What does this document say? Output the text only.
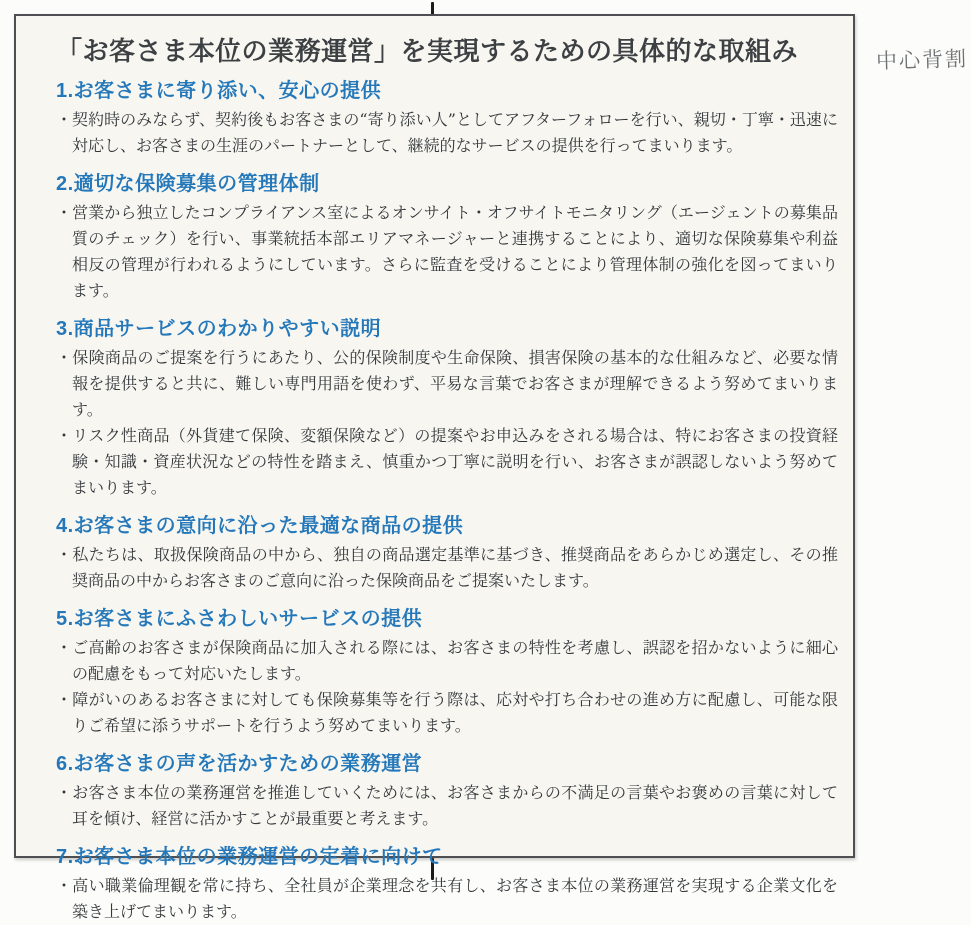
中心背割
「お客さま本位の業務運営」を実現するための具体的な取組み
1.お客さまに寄り添い、安心の提供

・契約時のみならず、契約後もお客さまの“寄り添い人”としてアフターフォローを行い、親切・丁寧・迅速に対応し、お客さまの生涯のパートナーとして、継続的なサービスの提供を行ってまいります。

2.適切な保険募集の管理体制

・営業から独立したコンプライアンス室によるオンサイト・オフサイトモニタリング（エージェントの募集品質のチェック）を行い、事業統括本部エリアマネージャーと連携することにより、適切な保険募集や利益相反の管理が行われるようにしています。さらに監査を受けることにより管理体制の強化を図ってまいります。

3.商品サービスのわかりやすい説明

・保険商品のご提案を行うにあたり、公的保険制度や生命保険、損害保険の基本的な仕組みなど、必要な情報を提供すると共に、難しい専門用語を使わず、平易な言葉でお客さまが理解できるよう努めてまいります。

・リスク性商品（外貨建て保険、変額保険など）の提案やお申込みをされる場合は、特にお客さまの投資経験・知識・資産状況などの特性を踏まえ、慎重かつ丁寧に説明を行い、お客さまが誤認しないよう努めてまいります。

4.お客さまの意向に沿った最適な商品の提供

・私たちは、取扱保険商品の中から、独自の商品選定基準に基づき、推奨商品をあらかじめ選定し、その推奨商品の中からお客さまのご意向に沿った保険商品をご提案いたします。

5.お客さまにふさわしいサービスの提供

・ご高齢のお客さまが保険商品に加入される際には、お客さまの特性を考慮し、誤認を招かないように細心の配慮をもって対応いたします。

・障がいのあるお客さまに対しても保険募集等を行う際は、応対や打ち合わせの進め方に配慮し、可能な限りご希望に添うサポートを行うよう努めてまいります。

6.お客さまの声を活かすための業務運営

・お客さま本位の業務運営を推進していくためには、お客さまからの不満足の言葉やお褒めの言葉に対して耳を傾け、経営に活かすことが最重要と考えます。

7.お客さま本位の業務運営の定着に向けて

・高い職業倫理観を常に持ち、全社員が企業理念を共有し、お客さま本位の業務運営を実現する企業文化を築き上げてまいります。
